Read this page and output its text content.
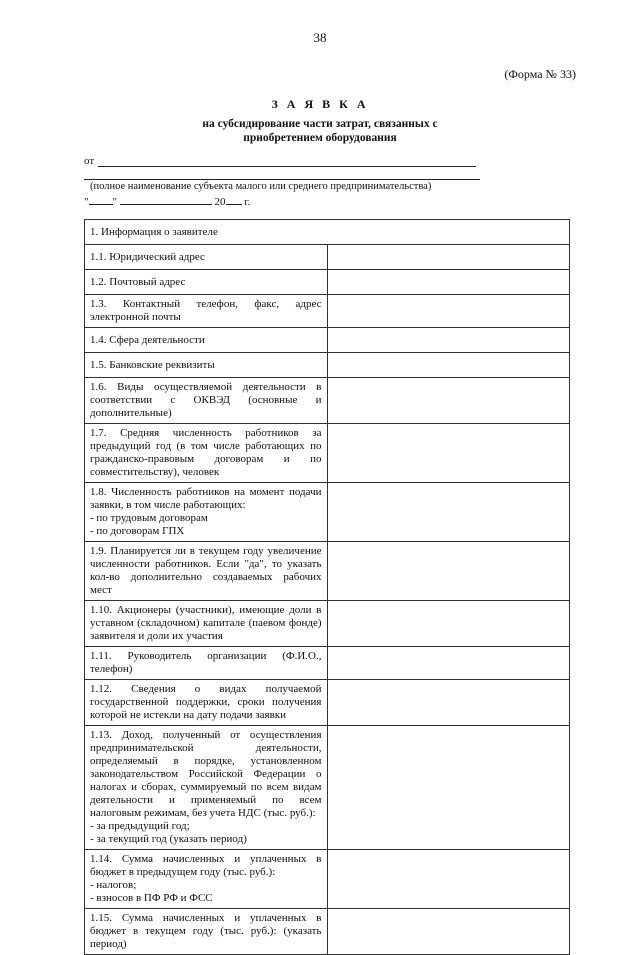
38
(Форма № 33)
З А Я В К А
на субсидирование части затрат, связанных с
приобретением оборудования
от
(полное наименование субъекта малого или среднего предпринимательства)
" "	20 г.
1. Информация о заявителе	
1.1. Юридический адрес	
1.2. Почтовый адрес	
1.3. Контактный телефон, факс, адрес электронной почты	
1.4. Сфера деятельности	
1.5. Банковские реквизиты	
1.6. Виды осуществляемой деятельности в соответствии с ОКВЭД (основные и дополнительные)	
1.7. Средняя численность работников за предыдущий год (в том числе работающих по гражданско-правовым договорам и по совместительству), человек	

1.8. Численность работников на момент подачи заявки, в том числе работающих:
- по трудовым договорам
- по договорам ГПХ	

1.9. Планируется ли в текущем году увеличение численности работников. Если "да", то указать кол-во дополнительно создаваемых рабочих мест	
1.10. Акционеры (участники), имеющие доли в уставном (складочном) капитале (паевом фонде) заявителя и доли их участия	
1.11. Руководитель организации (Ф.И.О., телефон)	
1.12. Сведения о видах получаемой государственной поддержки, сроки получения которой не истекли на дату подачи заявки	

1.13. Доход, полученный от осуществления предпринимательской деятельности, определяемый в порядке, установленном законодательством Российской Федерации о налогах и сборах, суммируемый по всем видам деятельности и применяемый по всем налоговым режимам, без учета НДС (тыс. руб.):
- за предыдущий год;
- за текущий год (указать период)	

1.14. Сумма начисленных и уплаченных в бюджет в предыдущем году (тыс. руб.):
- налогов;
- взносов в ПФ РФ и ФСС	

1.15. Сумма начисленных и уплаченных в бюджет в текущем году (тыс. руб.): (указать период)	
